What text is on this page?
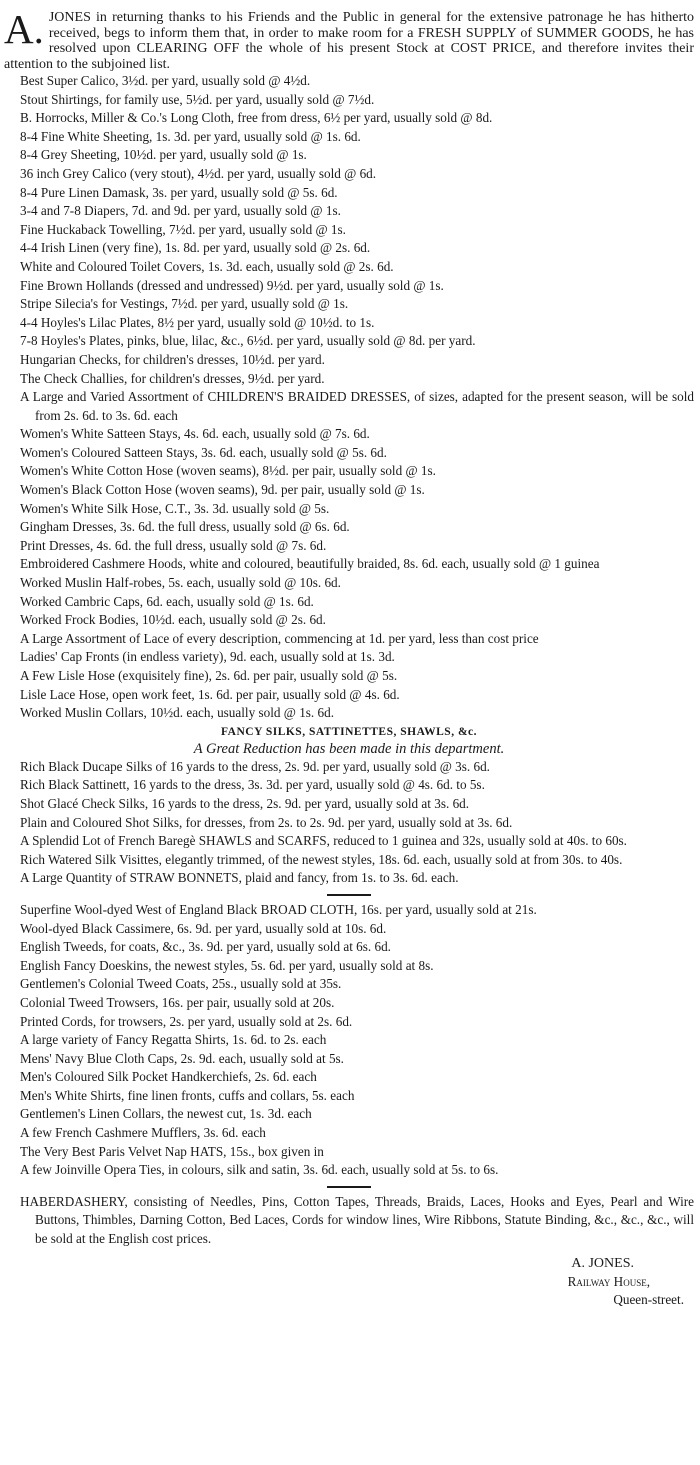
A. JONES in returning thanks to his Friends and the Public in general for the extensive patronage he has hitherto received, begs to inform them that, in order to make room for a FRESH SUPPLY of SUMMER GOODS, he has resolved upon CLEARING OFF the whole of his present Stock at COST PRICE, and therefore invites their attention to the subjoined list.

Best Super Calico, 3½d. per yard, usually sold @ 4½d.
Stout Shirtings, for family use, 5½d. per yard, usually sold @ 7½d.
B. Horrocks, Miller & Co.'s Long Cloth, free from dress, 6½ per yard, usually sold @ 8d.
8-4 Fine White Sheeting, 1s. 3d. per yard, usually sold @ 1s. 6d.
8-4 Grey Sheeting, 10½d. per yard, usually sold @ 1s.
36 inch Grey Calico (very stout), 4½d. per yard, usually sold @ 6d.
8-4 Pure Linen Damask, 3s. per yard, usually sold @ 5s. 6d.
3-4 and 7-8 Diapers, 7d. and 9d. per yard, usually sold @ 1s.
Fine Huckaback Towelling, 7½d. per yard, usually sold @ 1s.
4-4 Irish Linen (very fine), 1s. 8d. per yard, usually sold @ 2s. 6d.
White and Coloured Toilet Covers, 1s. 3d. each, usually sold @ 2s. 6d.
Fine Brown Hollands (dressed and undressed) 9½d. per yard, usually sold @ 1s.
Stripe Silecia's for Vestings, 7½d. per yard, usually sold @ 1s.
4-4 Hoyles's Lilac Plates, 8½ per yard, usually sold @ 10½d. to 1s.
7-8 Hoyles's Plates, pinks, blue, lilac, &c., 6½d. per yard, usually sold @ 8d. per yard.
Hungarian Checks, for children's dresses, 10½d. per yard.
The Check Challies, for children's dresses, 9½d. per yard.
A Large and Varied Assortment of CHILDREN'S BRAIDED DRESSES, of sizes, adapted for the present season, will be sold from 2s. 6d. to 3s. 6d. each
Women's White Satteen Stays, 4s. 6d. each, usually sold @ 7s. 6d.
Women's Coloured Satteen Stays, 3s. 6d. each, usually sold @ 5s. 6d.
Women's White Cotton Hose (woven seams), 8½d. per pair, usually sold @ 1s.
Women's Black Cotton Hose (woven seams), 9d. per pair, usually sold @ 1s.
Women's White Silk Hose, C.T., 3s. 3d. usually sold @ 5s.
Gingham Dresses, 3s. 6d. the full dress, usually sold @ 6s. 6d.
Print Dresses, 4s. 6d. the full dress, usually sold @ 7s. 6d.
Embroidered Cashmere Hoods, white and coloured, beautifully braided, 8s. 6d. each, usually sold @ 1 guinea
Worked Muslin Half-robes, 5s. each, usually sold @ 10s. 6d.
Worked Cambric Caps, 6d. each, usually sold @ 1s. 6d.
Worked Frock Bodies, 10½d. each, usually sold @ 2s. 6d.
A Large Assortment of Lace of every description, commencing at 1d. per yard, less than cost price
Ladies' Cap Fronts (in endless variety), 9d. each, usually sold at 1s. 3d.
A Few Lisle Hose (exquisitely fine), 2s. 6d. per pair, usually sold @ 5s.
Lisle Lace Hose, open work feet, 1s. 6d. per pair, usually sold @ 4s. 6d.
Worked Muslin Collars, 10½d. each, usually sold @ 1s. 6d.
FANCY SILKS, SATTINETTES, SHAWLS, &c.
A Great Reduction has been made in this department.
Rich Black Ducape Silks of 16 yards to the dress, 2s. 9d. per yard, usually sold @ 3s. 6d.
Rich Black Sattinett, 16 yards to the dress, 3s. 3d. per yard, usually sold @ 4s. 6d. to 5s.
Shot Glacé Check Silks, 16 yards to the dress, 2s. 9d. per yard, usually sold at 3s. 6d.
Plain and Coloured Shot Silks, for dresses, from 2s. to 2s. 9d. per yard, usually sold at 3s. 6d.
A Splendid Lot of French Baregè SHAWLS and SCARFS, reduced to 1 guinea and 32s, usually sold at 40s. to 60s.
Rich Watered Silk Visittes, elegantly trimmed, of the newest styles, 18s. 6d. each, usually sold at from 30s. to 40s.
A Large Quantity of STRAW BONNETS, plaid and fancy, from 1s. to 3s. 6d. each.
Superfine Wool-dyed West of England Black BROAD CLOTH, 16s. per yard, usually sold at 21s.
Wool-dyed Black Cassimere, 6s. 9d. per yard, usually sold at 10s. 6d.
English Tweeds, for coats, &c., 3s. 9d. per yard, usually sold at 6s. 6d.
English Fancy Doeskins, the newest styles, 5s. 6d. per yard, usually sold at 8s.
Gentlemen's Colonial Tweed Coats, 25s., usually sold at 35s.
Colonial Tweed Trowsers, 16s. per pair, usually sold at 20s.
Printed Cords, for trowsers, 2s. per yard, usually sold at 2s. 6d.
A large variety of Fancy Regatta Shirts, 1s. 6d. to 2s. each
Mens' Navy Blue Cloth Caps, 2s. 9d. each, usually sold at 5s.
Men's Coloured Silk Pocket Handkerchiefs, 2s. 6d. each
Men's White Shirts, fine linen fronts, cuffs and collars, 5s. each
Gentlemen's Linen Collars, the newest cut, 1s. 3d. each
A few French Cashmere Mufflers, 3s. 6d. each
The Very Best Paris Velvet Nap HATS, 15s., box given in
A few Joinville Opera Ties, in colours, silk and satin, 3s. 6d. each, usually sold at 5s. to 6s.

HABERDASHERY, consisting of Needles, Pins, Cotton Tapes, Threads, Braids, Laces, Hooks and Eyes, Pearl and Wire Buttons, Thimbles, Darning Cotton, Bed Laces, Cords for window lines, Wire Ribbons, Statute Binding, &c., &c., &c., will be sold at the English cost prices.

A. JONES.
Railway House,
Queen-street.
